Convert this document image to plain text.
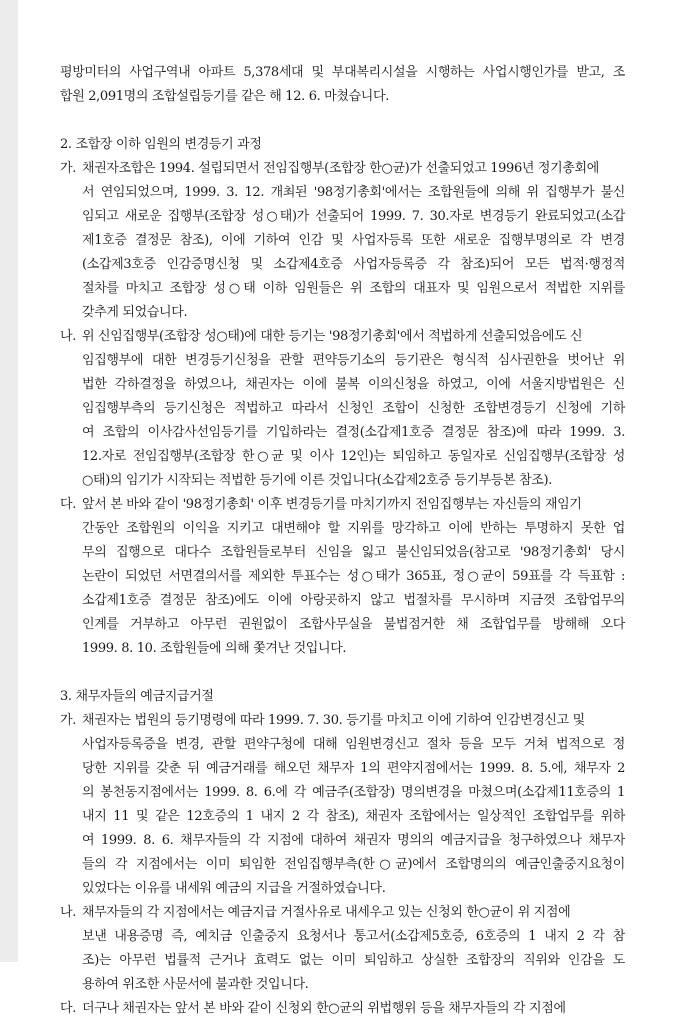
평방미터의 사업구역내 아파트 5,378세대 및 부대복리시설을 시행하는 사업시행인가를 받고, 조
합원 2,091명의 조합설립등기를 같은 해 12. 6. 마쳤습니다.
2. 조합장 이하 임원의 변경등기 과정
가. 채권자조합은 1994. 설립되면서 전임집행부(조합장 한○균)가 선출되었고 1996년 정기총회에
서 연임되었으며, 1999. 3. 12. 개최된 '98정기총회'에서는 조합원들에 의해 위 집행부가 불신
임되고 새로운 집행부(조합장 성○태)가 선출되어 1999. 7. 30.자로 변경등기 완료되었고(소갑
제1호증 결정문 참조), 이에 기하여 인감 및 사업자등록 또한 새로운 집행부명의로 각 변경
(소갑제3호증 인감증명신청 및 소갑제4호증 사업자등록증 각 참조)되어 모든 법적·행정적
절차를 마치고 조합장 성○태 이하 임원들은 위 조합의 대표자 및 임원으로서 적법한 지위를
갖추게 되었습니다.
나. 위 신임집행부(조합장 성○태)에 대한 등기는 '98정기총회'에서 적법하게 선출되었음에도 신
임집행부에 대한 변경등기신청을 관할 편약등기소의 등기관은 형식적 심사권한을 벗어난 위
법한 각하결정을 하였으나, 채권자는 이에 불복 이의신청을 하였고, 이에 서울지방법원은 신
임집행부측의 등기신청은 적법하고 따라서 신청인 조합이 신청한 조합변경등기 신청에 기하
여 조합의 이사감사선임등기를 기입하라는 결정(소갑제1호증 결정문 참조)에 따라 1999. 3.
12.자로 전임집행부(조합장 한○균 및 이사 12인)는 퇴임하고 동일자로 신임집행부(조합장 성
○태)의 임기가 시작되는 적법한 등기에 이른 것입니다(소갑제2호증 등기부등본 참조).
다. 앞서 본 바와 같이 '98정기총회' 이후 변경등기를 마치기까지 전임집행부는 자신들의 재임기
간동안 조합원의 이익을 지키고 대변해야 할 지위를 망각하고 이에 반하는 투명하지 못한 업
무의 집행으로 대다수 조합원들로부터 신임을 잃고 불신임되었음(참고로 '98정기총회' 당시
논란이 되었던 서면결의서를 제외한 투표수는 성○태가 365표, 정○균이 59표를 각 득표함 :
소갑제1호증 결정문 참조)에도 이에 아랑곳하지 않고 법절차를 무시하며 지금껏 조합업무의
인계를 거부하고 아무런 권원없이 조합사무실을 불법점거한 채 조합업무를 방해해 오다
1999. 8. 10. 조합원들에 의해 쫓겨난 것입니다.
3. 채무자들의 예금지급거절
가. 채권자는 법원의 등기명령에 따라 1999. 7. 30. 등기를 마치고 이에 기하여 인감변경신고 및
사업자등록증을 변경, 관할 편약구청에 대해 임원변경신고 절차 등을 모두 거쳐 법적으로 정
당한 지위를 갖춘 뒤 예금거래를 해오던 채무자 1의 편약지점에서는 1999. 8. 5.에, 채무자 2
의 봉천동지점에서는 1999. 8. 6.에 각 예금주(조합장) 명의변경을 마쳤으며(소갑제11호증의 1
내지 11 및 같은 12호증의 1 내지 2 각 참조), 채권자 조합에서는 일상적인 조합업무를 위하
여 1999. 8. 6. 채무자들의 각 지점에 대하여 채권자 명의의 예금지급을 청구하였으나 채무자
들의 각 지점에서는 이미 퇴임한 전임집행부측(한○균)에서 조합명의의 예금인출중지요청이
있었다는 이유를 내세워 예금의 지급을 거절하였습니다.
나. 채무자들의 각 지점에서는 예금지급 거절사유로 내세우고 있는 신청외 한○균이 위 지점에
보낸 내용증명 즉, 예치금 인출중지 요청서나 통고서(소갑제5호증, 6호증의 1 내지 2 각 참
조)는 아무런 법률적 근거나 효력도 없는 이미 퇴임하고 상실한 조합장의 직위와 인감을 도
용하여 위조한 사문서에 불과한 것입니다.
다. 더구나 채권자는 앞서 본 바와 같이 신청외 한○균의 위법행위 등을 채무자들의 각 지점에
